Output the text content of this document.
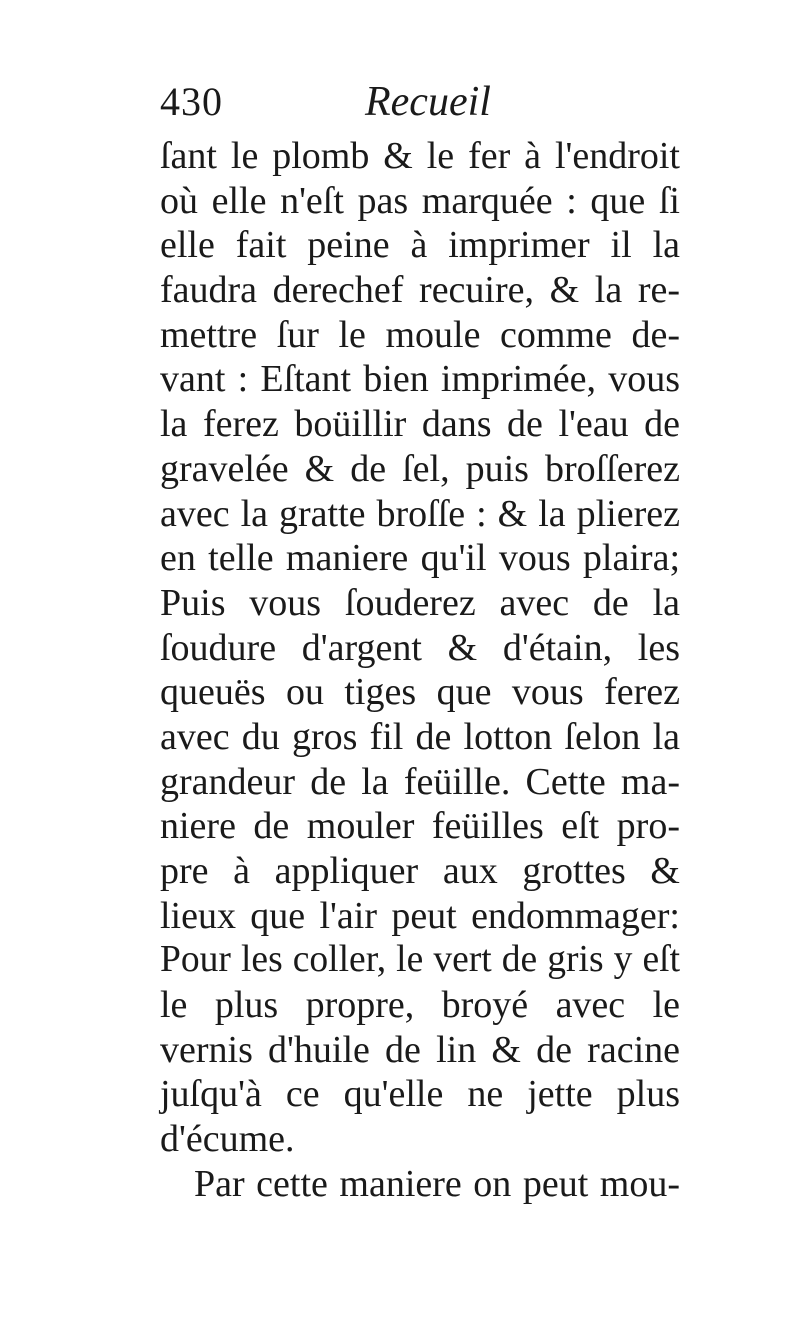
430	Recueil
ſant le plomb & le fer à l'endroit
où elle n'eſt pas marquée : que ſi
elle fait peine à imprimer il la
faudra derechef recuire, & la re-
mettre ſur le moule comme de-
vant : Eſtant bien imprimée, vous
la ferez boüillir dans de l'eau de
gravelée & de ſel, puis broſſerez
avec la gratte broſſe : & la plierez
en telle maniere qu'il vous plaira;
Puis vous ſouderez avec de la
ſoudure d'argent & d'étain, les
queuës ou tiges que vous ferez
avec du gros fil de lotton ſelon la
grandeur de la feüille. Cette ma-
niere de mouler feüilles eſt pro-
pre à appliquer aux grottes &
lieux que l'air peut endommager:
Pour les coller, le vert de gris y eſt
le plus propre, broyé avec le
vernis d'huile de lin & de racine
juſqu'à ce qu'elle ne jette plus
d'écume.
Par cette maniere on peut mou-
